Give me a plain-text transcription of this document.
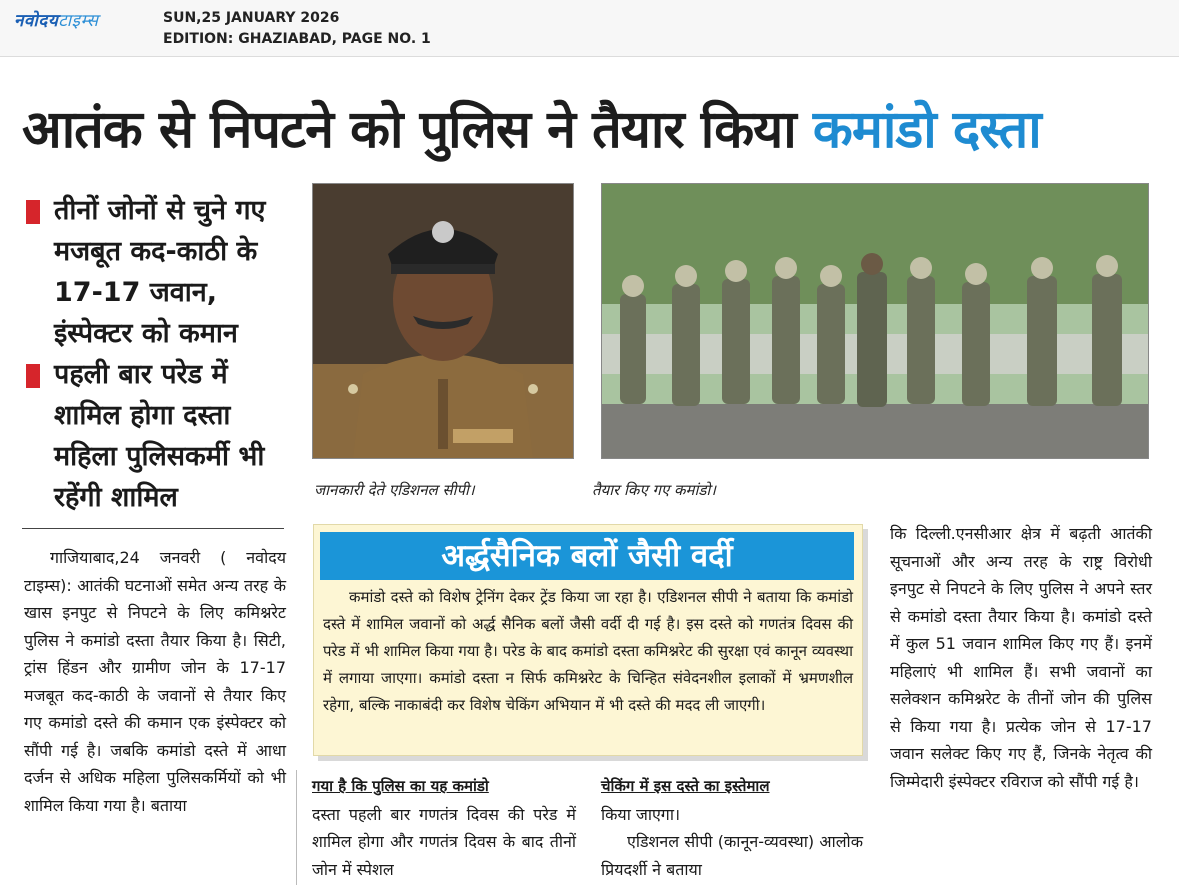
नवोदयटाइम्स	SUN,25 JANUARY 2026
EDITION: GHAZIABAD, PAGE NO. 1
आतंक से निपटने को पुलिस ने तैयार किया कमांडो दस्ता
तीनों जोनों से चुने गए मजबूत कद-काठी के 17-17 जवान, इंस्पेक्टर को कमान
पहली बार परेड में शामिल होगा दस्ता महिला पुलिसकर्मी भी रहेंगी शामिल	जानकारी देते एडिशनल सीपी।	तैयार किए गए कमांडो।

गाजियाबाद,24 जनवरी ( नवोदय टाइम्स): आतंकी घटनाओं समेत अन्य तरह के खास इनपुट से निपटने के लिए कमिश्नरेट पुलिस ने कमांडो दस्ता तैयार किया है। सिटी, ट्रांस हिंडन और ग्रामीण जोन के 17-17 मजबूत कद-काठी के जवानों से तैयार किए गए कमांडो दस्ते की कमान एक इंस्पेक्टर को सौंपी गई है। जबकि कमांडो दस्ते में आधा दर्जन से अधिक महिला पुलिसकर्मियों को भी शामिल किया गया है। बताया

अर्द्धसैनिक बलों जैसी वर्दी
कमांडो दस्ते को विशेष ट्रेनिंग देकर ट्रेंड किया जा रहा है। एडिशनल सीपी ने बताया कि कमांडो दस्ते में शामिल जवानों को अर्द्ध सैनिक बलों जैसी वर्दी दी गई है। इस दस्ते को गणतंत्र दिवस की परेड में भी शामिल किया गया है। परेड के बाद कमांडो दस्ता कमिश्नरेट की सुरक्षा एवं कानून व्यवस्था में लगाया जाएगा। कमांडो दस्ता न सिर्फ कमिश्नरेट के चिन्हित संवेदनशील इलाकों में भ्रमणशील रहेगा, बल्कि नाकाबंदी कर विशेष चेकिंग अभियान में भी दस्ते की मदद ली जाएगी।

गया है कि पुलिस का यह कमांडो

दस्ता पहली बार गणतंत्र दिवस की परेड में शामिल होगा और गणतंत्र दिवस के बाद तीनों जोन में स्पेशल

चेकिंग में इस दस्ते का इस्तेमाल

किया जाएगा।

एडिशनल सीपी (कानून-व्यवस्था) आलोक प्रियदर्शी ने बताया

कि दिल्ली.एनसीआर क्षेत्र में बढ़ती आतंकी सूचनाओं और अन्य तरह के राष्ट्र विरोधी इनपुट से निपटने के लिए पुलिस ने अपने स्तर से कमांडो दस्ता तैयार किया है। कमांडो दस्ते में कुल 51 जवान शामिल किए गए हैं। इनमें महिलाएं भी शामिल हैं। सभी जवानों का सलेक्शन कमिश्नरेट के तीनों जोन की पुलिस से किया गया है। प्रत्येक जोन से 17-17 जवान सलेक्ट किए गए हैं, जिनके नेतृत्व की जिम्मेदारी इंस्पेक्टर रविराज को सौंपी गई है।
